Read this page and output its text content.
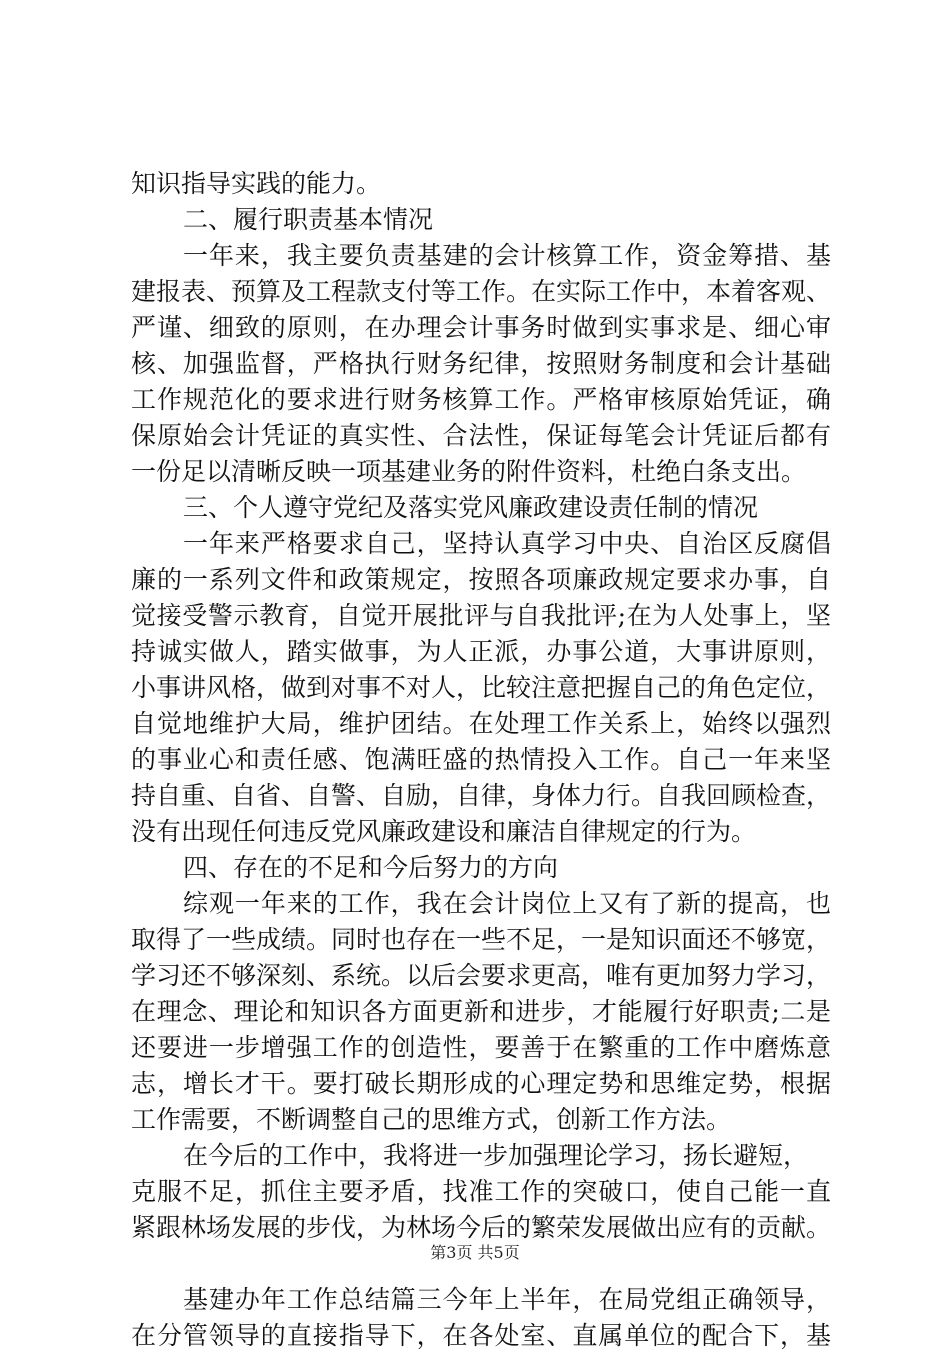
知识指导实践的能力。
二、履行职责基本情况
一年来，我主要负责基建的会计核算工作，资金筹措、基
建报表、预算及工程款支付等工作。在实际工作中，本着客观、
严谨、细致的原则，在办理会计事务时做到实事求是、细心审
核、加强监督，严格执行财务纪律，按照财务制度和会计基础
工作规范化的要求进行财务核算工作。严格审核原始凭证，确
保原始会计凭证的真实性、合法性，保证每笔会计凭证后都有
一份足以清晰反映一项基建业务的附件资料，杜绝白条支出。
三、个人遵守党纪及落实党风廉政建设责任制的情况
一年来严格要求自己，坚持认真学习中央、自治区反腐倡
廉的一系列文件和政策规定，按照各项廉政规定要求办事，自
觉接受警示教育，自觉开展批评与自我批评;在为人处事上，坚
持诚实做人，踏实做事，为人正派，办事公道，大事讲原则，
小事讲风格，做到对事不对人，比较注意把握自己的角色定位，
自觉地维护大局，维护团结。在处理工作关系上，始终以强烈
的事业心和责任感、饱满旺盛的热情投入工作。自己一年来坚
持自重、自省、自警、自励，自律，身体力行。自我回顾检查，
没有出现任何违反党风廉政建设和廉洁自律规定的行为。
四、存在的不足和今后努力的方向
综观一年来的工作，我在会计岗位上又有了新的提高，也
取得了一些成绩。同时也存在一些不足，一是知识面还不够宽，
学习还不够深刻、系统。以后会要求更高，唯有更加努力学习，
在理念、理论和知识各方面更新和进步，才能履行好职责;二是
还要进一步增强工作的创造性，要善于在繁重的工作中磨炼意
志，增长才干。要打破长期形成的心理定势和思维定势，根据
工作需要，不断调整自己的思维方式，创新工作方法。
在今后的工作中，我将进一步加强理论学习，扬长避短，
克服不足，抓住主要矛盾，找准工作的突破口，使自己能一直
紧跟林场发展的步伐，为林场今后的繁荣发展做出应有的贡献。
基建办年工作总结篇三今年上半年，在局党组正确领导，
在分管领导的直接指导下，在各处室、直属单位的配合下，基
第3页 共5页
